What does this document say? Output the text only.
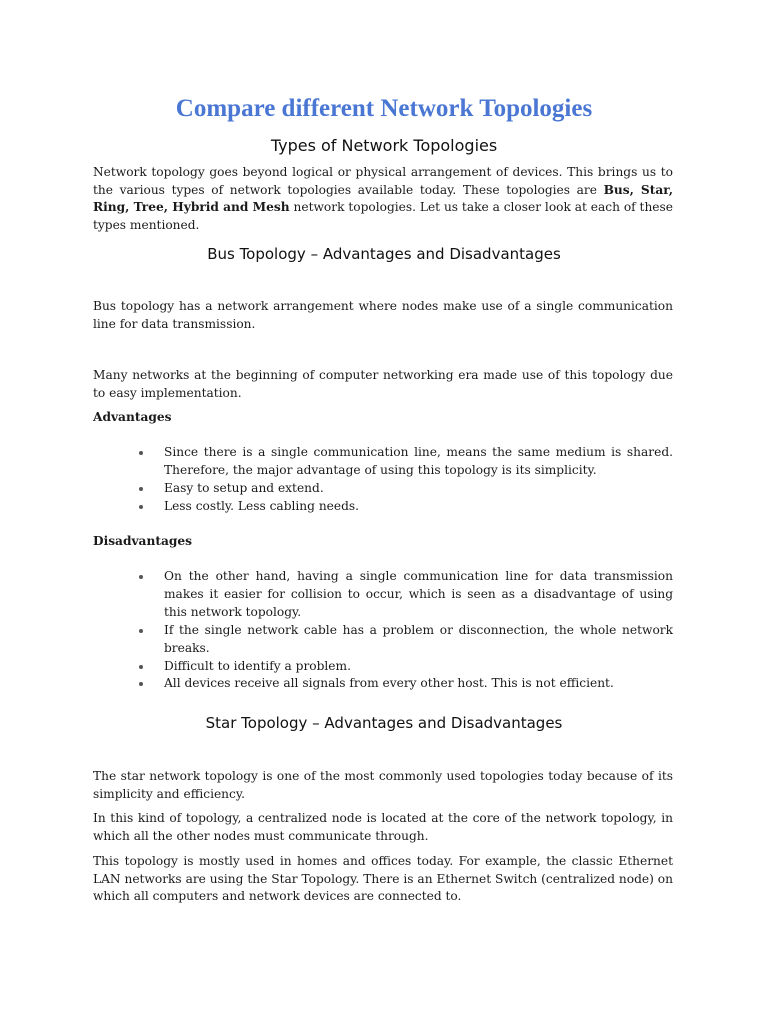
Compare different Network Topologies
Types of Network Topologies

Network topology goes beyond logical or physical arrangement of devices. This brings us to the various types of network topologies available today. These topologies are Bus, Star, Ring, Tree, Hybrid and Mesh network topologies. Let us take a closer look at each of these types mentioned.

Bus Topology – Advantages and Disadvantages

Bus topology has a network arrangement where nodes make use of a single communication line for data transmission.

Many networks at the beginning of computer networking era made use of this topology due to easy implementation.

Advantages

Since there is a single communication line, means the same medium is shared. Therefore, the major advantage of using this topology is its simplicity.
Easy to setup and extend.
Less costly. Less cabling needs.

Disadvantages

On the other hand, having a single communication line for data transmission makes it easier for collision to occur, which is seen as a disadvantage of using this network topology.
If the single network cable has a problem or disconnection, the whole network breaks.
Difficult to identify a problem.
All devices receive all signals from every other host. This is not efficient.
Star Topology – Advantages and Disadvantages

The star network topology is one of the most commonly used topologies today because of its simplicity and efficiency.

In this kind of topology, a centralized node is located at the core of the network topology, in which all the other nodes must communicate through.

This topology is mostly used in homes and offices today. For example, the classic Ethernet LAN networks are using the Star Topology. There is an Ethernet Switch (centralized node) on which all computers and network devices are connected to.
